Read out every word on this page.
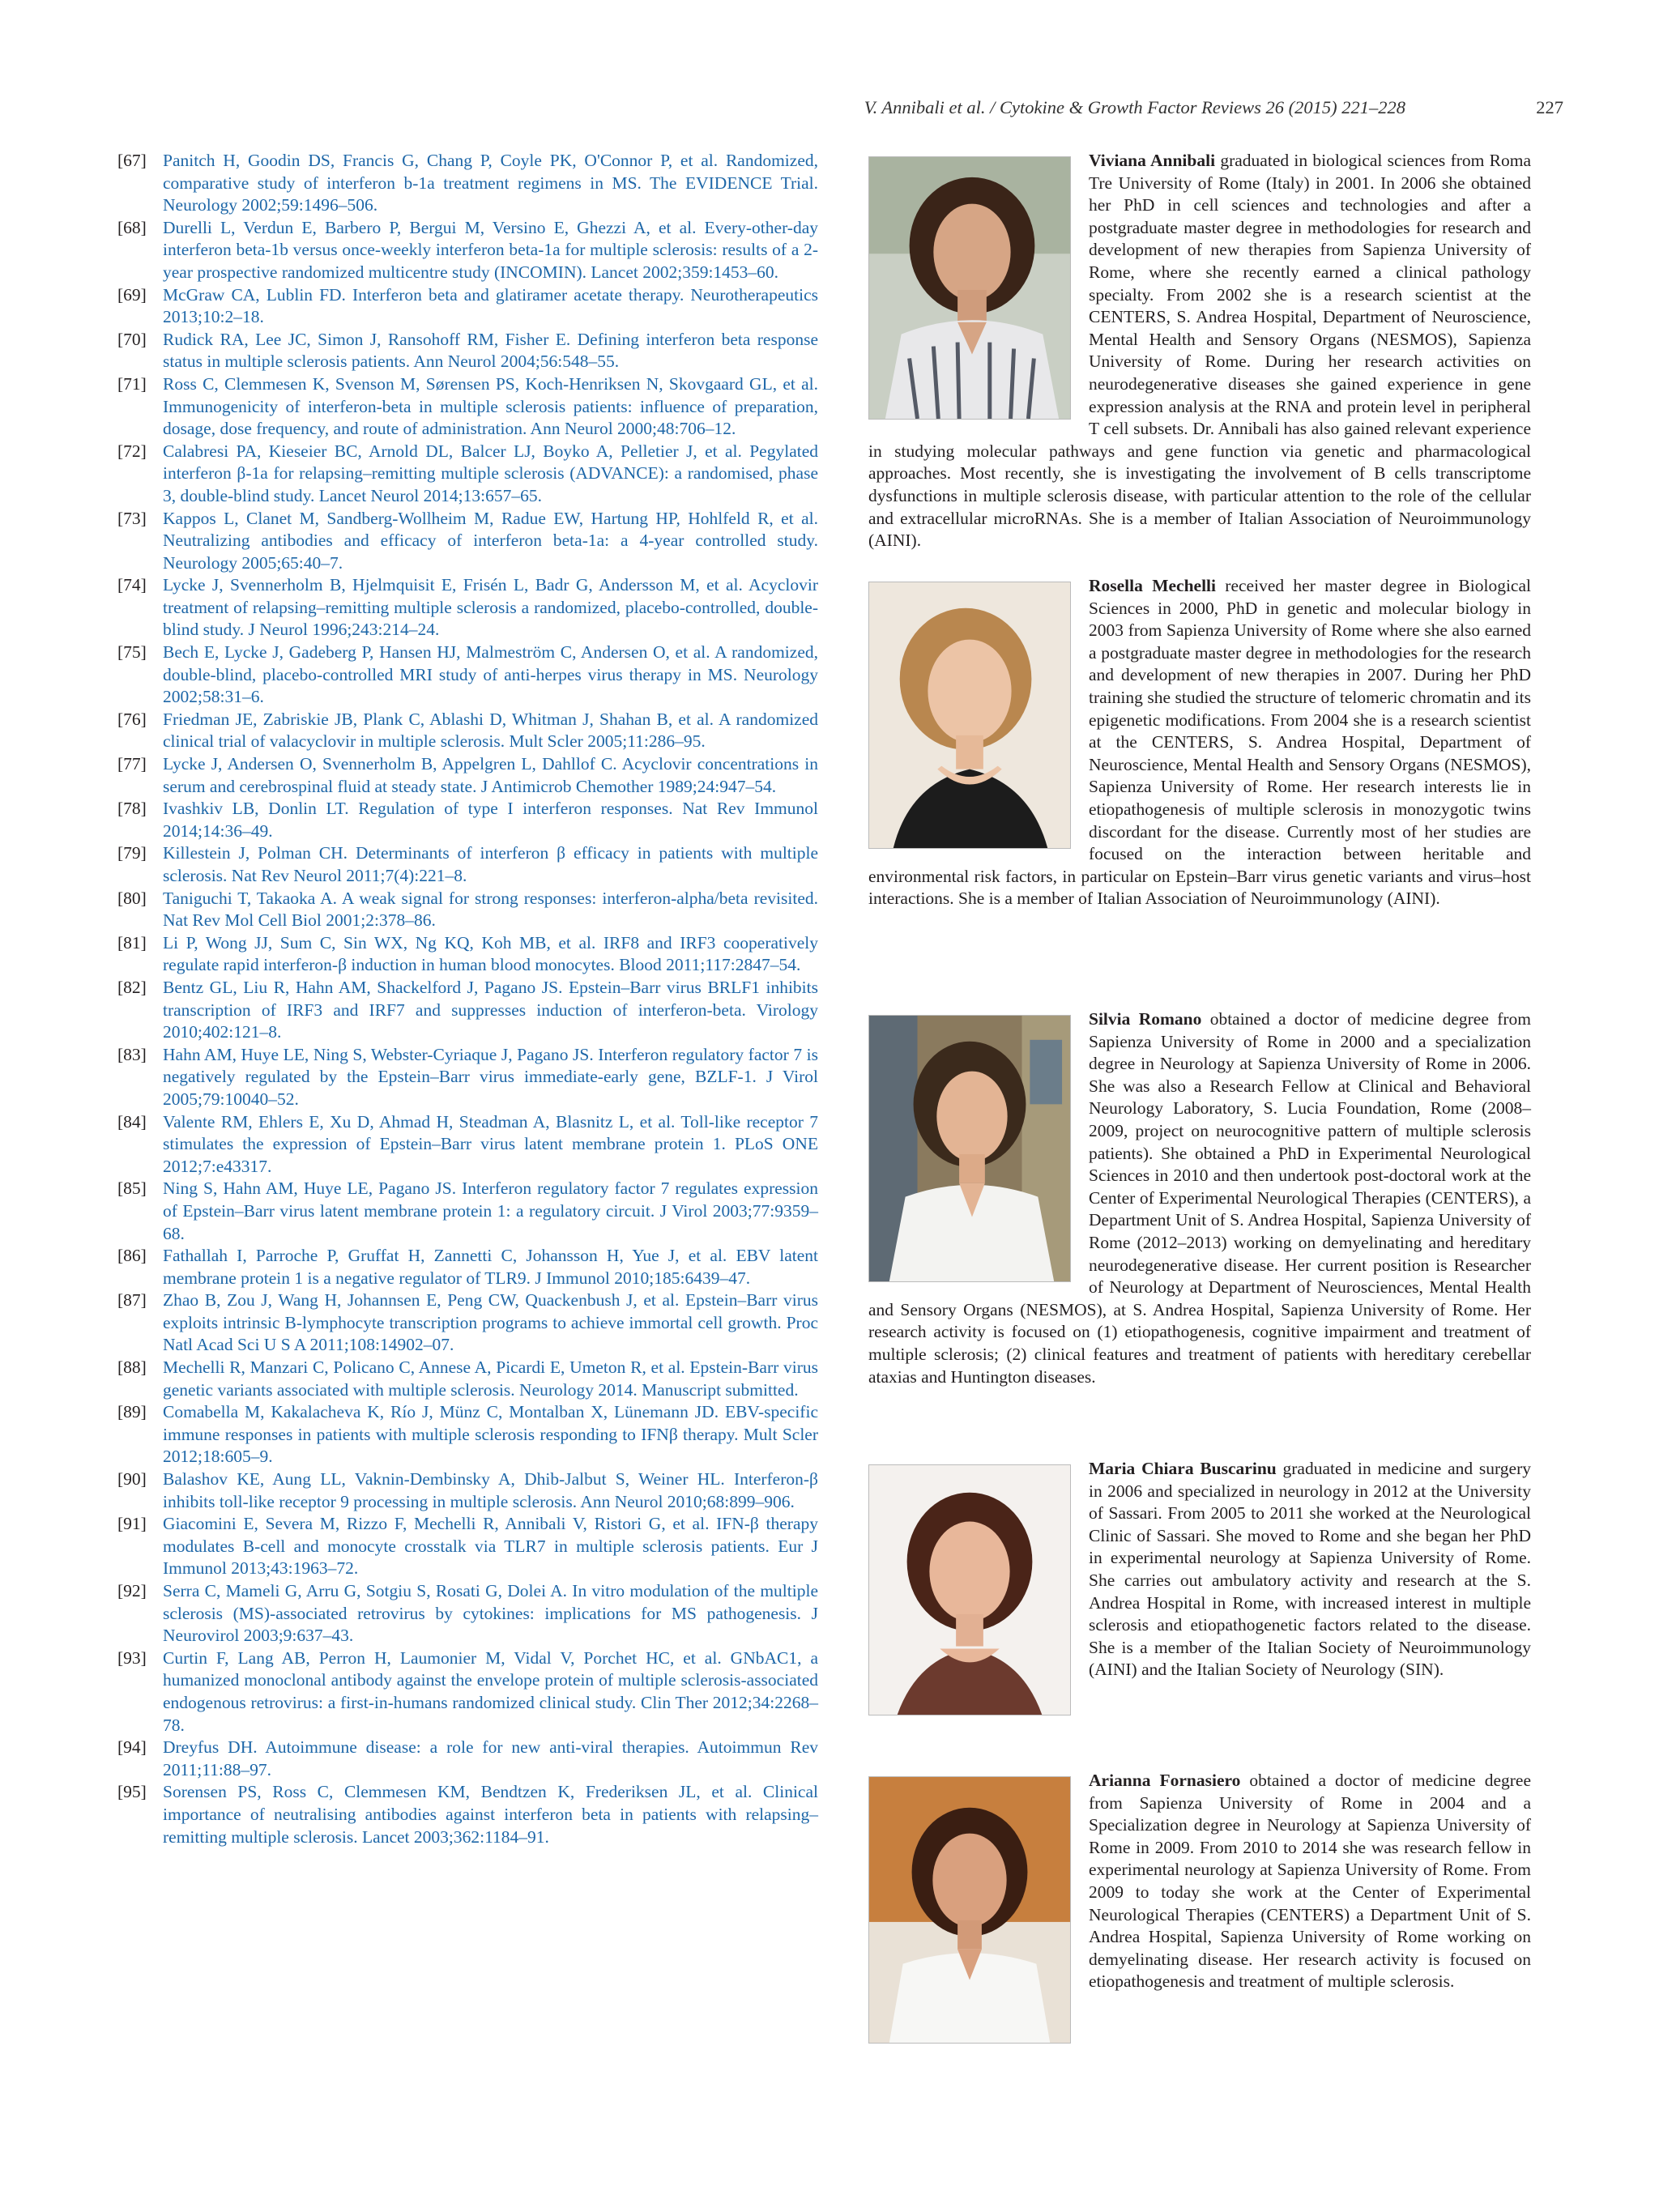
V. Annibali et al. / Cytokine & Growth Factor Reviews 26 (2015) 221–228	227
[67] Panitch H, Goodin DS, Francis G, Chang P, Coyle PK, O'Connor P, et al. Randomized, comparative study of interferon b-1a treatment regimens in MS. The EVIDENCE Trial. Neurology 2002;59:1496–506.
[68] Durelli L, Verdun E, Barbero P, Bergui M, Versino E, Ghezzi A, et al. Every-other-day interferon beta-1b versus once-weekly interferon beta-1a for multiple sclerosis: results of a 2-year prospective randomized multicentre study (INCOMIN). Lancet 2002;359:1453–60.
[69] McGraw CA, Lublin FD. Interferon beta and glatiramer acetate therapy. Neurotherapeutics 2013;10:2–18.
[70] Rudick RA, Lee JC, Simon J, Ransohoff RM, Fisher E. Defining interferon beta response status in multiple sclerosis patients. Ann Neurol 2004;56:548–55.
[71] Ross C, Clemmesen K, Svenson M, Sørensen PS, Koch-Henriksen N, Skovgaard GL, et al. Immunogenicity of interferon-beta in multiple sclerosis patients: influence of preparation, dosage, dose frequency, and route of administration. Ann Neurol 2000;48:706–12.
[72] Calabresi PA, Kieseier BC, Arnold DL, Balcer LJ, Boyko A, Pelletier J, et al. Pegylated interferon β-1a for relapsing–remitting multiple sclerosis (ADVANCE): a randomised, phase 3, double-blind study. Lancet Neurol 2014;13:657–65.
[73] Kappos L, Clanet M, Sandberg-Wollheim M, Radue EW, Hartung HP, Hohlfeld R, et al. Neutralizing antibodies and efficacy of interferon beta-1a: a 4-year controlled study. Neurology 2005;65:40–7.
[74] Lycke J, Svennerholm B, Hjelmquisit E, Frisén L, Badr G, Andersson M, et al. Acyclovir treatment of relapsing–remitting multiple sclerosis a randomized, placebo-controlled, double-blind study. J Neurol 1996;243:214–24.
[75] Bech E, Lycke J, Gadeberg P, Hansen HJ, Malmeström C, Andersen O, et al. A randomized, double-blind, placebo-controlled MRI study of anti-herpes virus therapy in MS. Neurology 2002;58:31–6.
[76] Friedman JE, Zabriskie JB, Plank C, Ablashi D, Whitman J, Shahan B, et al. A randomized clinical trial of valacyclovir in multiple sclerosis. Mult Scler 2005;11:286–95.
[77] Lycke J, Andersen O, Svennerholm B, Appelgren L, Dahllof C. Acyclovir concentrations in serum and cerebrospinal fluid at steady state. J Antimicrob Chemother 1989;24:947–54.
[78] Ivashkiv LB, Donlin LT. Regulation of type I interferon responses. Nat Rev Immunol 2014;14:36–49.
[79] Killestein J, Polman CH. Determinants of interferon β efficacy in patients with multiple sclerosis. Nat Rev Neurol 2011;7(4):221–8.
[80] Taniguchi T, Takaoka A. A weak signal for strong responses: interferon-alpha/beta revisited. Nat Rev Mol Cell Biol 2001;2:378–86.
[81] Li P, Wong JJ, Sum C, Sin WX, Ng KQ, Koh MB, et al. IRF8 and IRF3 cooperatively regulate rapid interferon-β induction in human blood monocytes. Blood 2011;117:2847–54.
[82] Bentz GL, Liu R, Hahn AM, Shackelford J, Pagano JS. Epstein–Barr virus BRLF1 inhibits transcription of IRF3 and IRF7 and suppresses induction of interferon-beta. Virology 2010;402:121–8.
[83] Hahn AM, Huye LE, Ning S, Webster-Cyriaque J, Pagano JS. Interferon regulatory factor 7 is negatively regulated by the Epstein–Barr virus immediate-early gene, BZLF-1. J Virol 2005;79:10040–52.
[84] Valente RM, Ehlers E, Xu D, Ahmad H, Steadman A, Blasnitz L, et al. Toll-like receptor 7 stimulates the expression of Epstein–Barr virus latent membrane protein 1. PLoS ONE 2012;7:e43317.
[85] Ning S, Hahn AM, Huye LE, Pagano JS. Interferon regulatory factor 7 regulates expression of Epstein–Barr virus latent membrane protein 1: a regulatory circuit. J Virol 2003;77:9359–68.
[86] Fathallah I, Parroche P, Gruffat H, Zannetti C, Johansson H, Yue J, et al. EBV latent membrane protein 1 is a negative regulator of TLR9. J Immunol 2010;185:6439–47.
[87] Zhao B, Zou J, Wang H, Johannsen E, Peng CW, Quackenbush J, et al. Epstein–Barr virus exploits intrinsic B-lymphocyte transcription programs to achieve immortal cell growth. Proc Natl Acad Sci U S A 2011;108:14902–07.
[88] Mechelli R, Manzari C, Policano C, Annese A, Picardi E, Umeton R, et al. Epstein-Barr virus genetic variants associated with multiple sclerosis. Neurology 2014. Manuscript submitted.
[89] Comabella M, Kakalacheva K, Río J, Münz C, Montalban X, Lünemann JD. EBV-specific immune responses in patients with multiple sclerosis responding to IFNβ therapy. Mult Scler 2012;18:605–9.
[90] Balashov KE, Aung LL, Vaknin-Dembinsky A, Dhib-Jalbut S, Weiner HL. Interferon-β inhibits toll-like receptor 9 processing in multiple sclerosis. Ann Neurol 2010;68:899–906.
[91] Giacomini E, Severa M, Rizzo F, Mechelli R, Annibali V, Ristori G, et al. IFN-β therapy modulates B-cell and monocyte crosstalk via TLR7 in multiple sclerosis patients. Eur J Immunol 2013;43:1963–72.
[92] Serra C, Mameli G, Arru G, Sotgiu S, Rosati G, Dolei A. In vitro modulation of the multiple sclerosis (MS)-associated retrovirus by cytokines: implications for MS pathogenesis. J Neurovirol 2003;9:637–43.
[93] Curtin F, Lang AB, Perron H, Laumonier M, Vidal V, Porchet HC, et al. GNbAC1, a humanized monoclonal antibody against the envelope protein of multiple sclerosis-associated endogenous retrovirus: a first-in-humans randomized clinical study. Clin Ther 2012;34:2268–78.
[94] Dreyfus DH. Autoimmune disease: a role for new anti-viral therapies. Autoimmun Rev 2011;11:88–97.
[95] Sorensen PS, Ross C, Clemmesen KM, Bendtzen K, Frederiksen JL, et al. Clinical importance of neutralising antibodies against interferon beta in patients with relapsing–remitting multiple sclerosis. Lancet 2003;362:1184–91.
Viviana Annibali graduated in biological sciences from Roma Tre University of Rome (Italy) in 2001. In 2006 she obtained her PhD in cell sciences and technologies and after a postgraduate master degree in methodologies for research and development of new therapies from Sapienza University of Rome, where she recently earned a clinical pathology specialty. From 2002 she is a research scientist at the CENTERS, S. Andrea Hospital, Department of Neuroscience, Mental Health and Sensory Organs (NESMOS), Sapienza University of Rome. During her research activities on neurodegenerative diseases she gained experience in gene expression analysis at the RNA and protein level in peripheral T cell subsets. Dr. Annibali has also gained relevant experience in studying molecular pathways and gene function via genetic and pharmacological approaches. Most recently, she is investigating the involvement of B cells transcriptome dysfunctions in multiple sclerosis disease, with particular attention to the role of the cellular and extracellular microRNAs. She is a member of Italian Association of Neuroimmunology (AINI).
Rosella Mechelli received her master degree in Biological Sciences in 2000, PhD in genetic and molecular biology in 2003 from Sapienza University of Rome where she also earned a postgraduate master degree in methodologies for the research and development of new therapies in 2007. During her PhD training she studied the structure of telomeric chromatin and its epigenetic modifications. From 2004 she is a research scientist at the CENTERS, S. Andrea Hospital, Department of Neuroscience, Mental Health and Sensory Organs (NESMOS), Sapienza University of Rome. Her research interests lie in etiopathogenesis of multiple sclerosis in monozygotic twins discordant for the disease. Currently most of her studies are focused on the interaction between heritable and environmental risk factors, in particular on Epstein–Barr virus genetic variants and virus–host interactions. She is a member of Italian Association of Neuroimmunology (AINI).
Silvia Romano obtained a doctor of medicine degree from Sapienza University of Rome in 2000 and a specialization degree in Neurology at Sapienza University of Rome in 2006. She was also a Research Fellow at Clinical and Behavioral Neurology Laboratory, S. Lucia Foundation, Rome (2008–2009, project on neurocognitive pattern of multiple sclerosis patients). She obtained a PhD in Experimental Neurological Sciences in 2010 and then undertook post-doctoral work at the Center of Experimental Neurological Therapies (CENTERS), a Department Unit of S. Andrea Hospital, Sapienza University of Rome (2012–2013) working on demyelinating and hereditary neurodegenerative disease. Her current position is Researcher of Neurology at Department of Neurosciences, Mental Health and Sensory Organs (NESMOS), at S. Andrea Hospital, Sapienza University of Rome. Her research activity is focused on (1) etiopathogenesis, cognitive impairment and treatment of multiple sclerosis; (2) clinical features and treatment of patients with hereditary cerebellar ataxias and Huntington diseases.
Maria Chiara Buscarinu graduated in medicine and surgery in 2006 and specialized in neurology in 2012 at the University of Sassari. From 2005 to 2011 she worked at the Neurological Clinic of Sassari. She moved to Rome and she began her PhD in experimental neurology at Sapienza University of Rome. She carries out ambulatory activity and research at the S. Andrea Hospital in Rome, with increased interest in multiple sclerosis and etiopathogenetic factors related to the disease. She is a member of the Italian Society of Neuroimmunology (AINI) and the Italian Society of Neurology (SIN).
Arianna Fornasiero obtained a doctor of medicine degree from Sapienza University of Rome in 2004 and a Specialization degree in Neurology at Sapienza University of Rome in 2009. From 2010 to 2014 she was research fellow in experimental neurology at Sapienza University of Rome. From 2009 to today she work at the Center of Experimental Neurological Therapies (CENTERS) a Department Unit of S. Andrea Hospital, Sapienza University of Rome working on demyelinating disease. Her research activity is focused on etiopathogenesis and treatment of multiple sclerosis.
